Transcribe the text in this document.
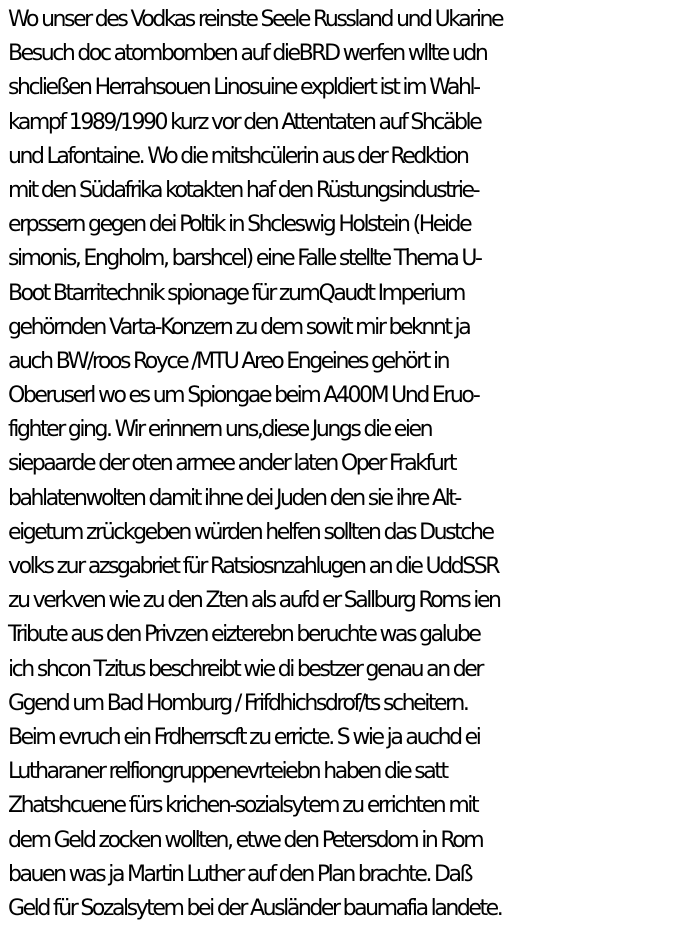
Wo unser des Vodkas reinste Seele Russland und Ukarine
Besuch doc atombomben auf dieBRD werfen wllte udn
shcließen Herrahsouen Linosuine expldiert ist im Wahl-
kampf 1989/1990 kurz vor den Attentaten auf Shcäble
und Lafontaine. Wo die mitshcülerin aus der Redktion
mit den Südafrika kotakten haf den Rüstungsindustrie-
erpssern gegen dei Poltik in Shcleswig Holstein (Heide
simonis, Engholm, barshcel) eine Falle stellte Thema U-
Boot Btarritechnik spionage für zumQaudt Imperium
gehörnden Varta-Konzern zu dem sowit mir beknnt ja
auch BW/roos Royce /MTU Areo Engeines gehört in
Oberuserl wo es um Spiongae beim A400M Und Eruo-
fighter ging. Wir erinnern uns,diese Jungs die eien
siepaarde der oten armee ander laten Oper Frakfurt
bahlatenwolten damit ihne dei Juden den sie ihre Alt-
eigetum zrückgeben würden helfen sollten das Dustche
volks zur azsgabriet für Ratsiosnzahlugen an die UddSSR
zu verkven wie zu den Zten als aufd er Sallburg Roms ien
Tribute aus den Privzen eizterebn beruchte was galube
ich shcon Tzitus beschreibt wie di bestzer genau an der
Ggend um Bad Homburg / Frifdhichsdrof/ts scheitern.
Beim evruch ein Frdherrscft zu erricte. S wie ja auchd ei
Lutharaner relfiongruppenevrteiebn haben die satt
Zhatshcuene fürs krichen-sozialsytem zu errichten mit
dem Geld zocken wollten, etwe den Petersdom in Rom
bauen was ja Martin Luther auf den Plan brachte. Daß
Geld für Sozalsytem bei der Ausländer baumafia landete.
